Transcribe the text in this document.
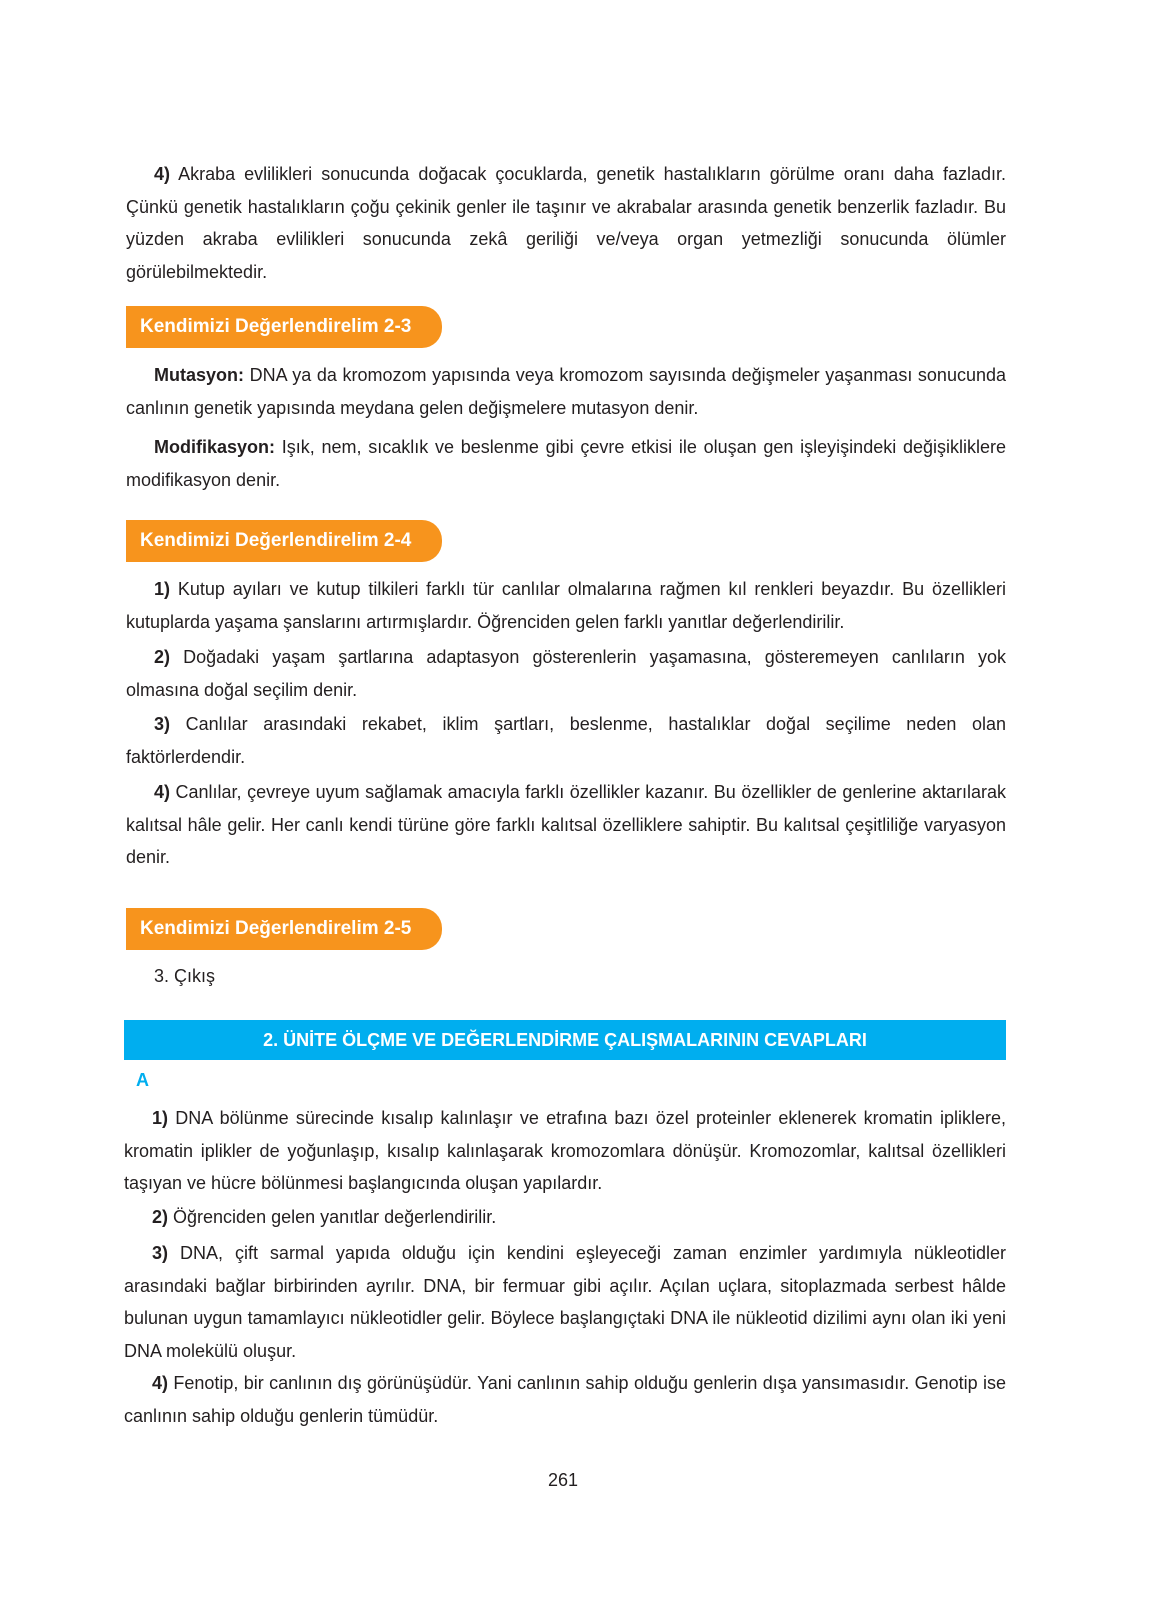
4) Akraba evlilikleri sonucunda doğacak çocuklarda, genetik hastalıkların görülme oranı daha fazladır. Çünkü genetik hastalıkların çoğu çekinik genler ile taşınır ve akrabalar arasında genetik benzerlik fazladır. Bu yüzden akraba evlilikleri sonucunda zekâ geriliği ve/veya organ yetmezliği sonucunda ölümler görülebilmektedir.

Kendimizi Değerlendirelim 2-3

Mutasyon: DNA ya da kromozom yapısında veya kromozom sayısında değişmeler yaşanması sonucunda canlının genetik yapısında meydana gelen değişmelere mutasyon denir.

Modifikasyon: Işık, nem, sıcaklık ve beslenme gibi çevre etkisi ile oluşan gen işleyişindeki değişikliklere modifikasyon denir.

Kendimizi Değerlendirelim 2-4

1) Kutup ayıları ve kutup tilkileri farklı tür canlılar olmalarına rağmen kıl renkleri beyazdır. Bu özellikleri kutuplarda yaşama şanslarını artırmışlardır. Öğrenciden gelen farklı yanıtlar değerlendirilir.

2) Doğadaki yaşam şartlarına adaptasyon gösterenlerin yaşamasına, gösteremeyen canlıların yok olmasına doğal seçilim denir.

3) Canlılar arasındaki rekabet, iklim şartları, beslenme, hastalıklar doğal seçilime neden olan faktörlerdendir.

4) Canlılar, çevreye uyum sağlamak amacıyla farklı özellikler kazanır. Bu özellikler de genlerine aktarılarak kalıtsal hâle gelir. Her canlı kendi türüne göre farklı kalıtsal özelliklere sahiptir. Bu kalıtsal çeşitliliğe varyasyon denir.

Kendimizi Değerlendirelim 2-5

3. Çıkış

2. ÜNİTE ÖLÇME VE DEĞERLENDİRME ÇALIŞMALARININ CEVAPLARI
A

1) DNA bölünme sürecinde kısalıp kalınlaşır ve etrafına bazı özel proteinler eklenerek kromatin ipliklere, kromatin iplikler de yoğunlaşıp, kısalıp kalınlaşarak kromozomlara dönüşür. Kromozomlar, kalıtsal özellikleri taşıyan ve hücre bölünmesi başlangıcında oluşan yapılardır.

2) Öğrenciden gelen yanıtlar değerlendirilir.

3) DNA, çift sarmal yapıda olduğu için kendini eşleyeceği zaman enzimler yardımıyla nükleotidler arasındaki bağlar birbirinden ayrılır. DNA, bir fermuar gibi açılır. Açılan uçlara, sitoplazmada serbest hâlde bulunan uygun tamamlayıcı nükleotidler gelir. Böylece başlangıçtaki DNA ile nükleotid dizilimi aynı olan iki yeni DNA molekülü oluşur.

4) Fenotip, bir canlının dış görünüşüdür. Yani canlının sahip olduğu genlerin dışa yansımasıdır. Genotip ise canlının sahip olduğu genlerin tümüdür.

261
